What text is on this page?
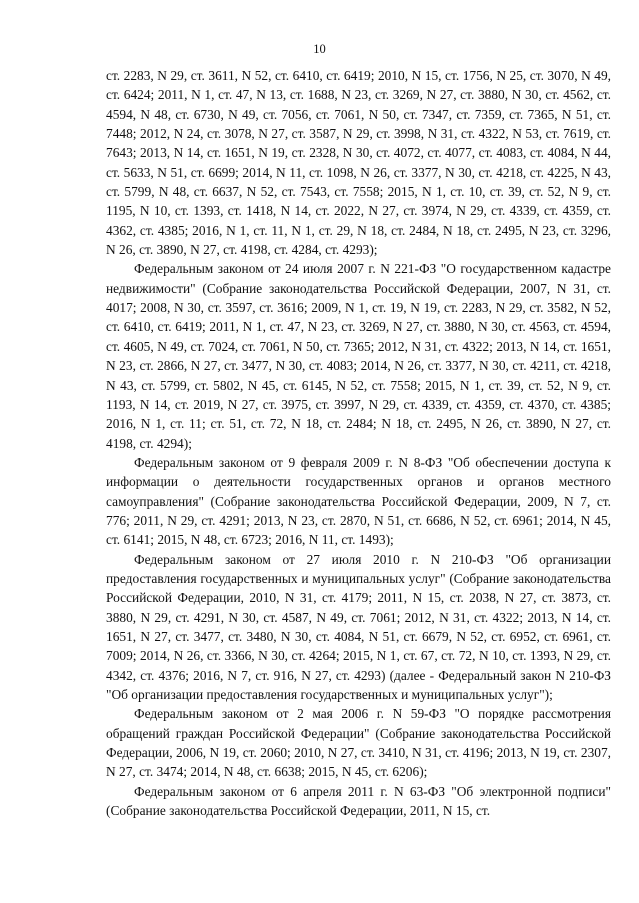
10

ст. 2283, N 29, ст. 3611, N 52, ст. 6410, ст. 6419; 2010, N 15, ст. 1756, N 25, ст. 3070, N 49, ст. 6424; 2011, N 1, ст. 47, N 13, ст. 1688, N 23, ст. 3269, N 27, ст. 3880, N 30, ст. 4562, ст. 4594, N 48, ст. 6730, N 49, ст. 7056, ст. 7061, N 50, ст. 7347, ст. 7359, ст. 7365, N 51, ст. 7448; 2012, N 24, ст. 3078, N 27, ст. 3587, N 29, ст. 3998, N 31, ст. 4322, N 53, ст. 7619, ст. 7643; 2013, N 14, ст. 1651, N 19, ст. 2328, N 30, ст. 4072, ст. 4077, ст. 4083, ст. 4084, N 44, ст. 5633, N 51, ст. 6699; 2014, N 11, ст. 1098, N 26, ст. 3377, N 30, ст. 4218, ст. 4225, N 43, ст. 5799, N 48, ст. 6637, N 52, ст. 7543, ст. 7558; 2015, N 1, ст. 10, ст. 39, ст. 52, N 9, ст. 1195, N 10, ст. 1393, ст. 1418, N 14, ст. 2022, N 27, ст. 3974, N 29, ст. 4339, ст. 4359, ст. 4362, ст. 4385; 2016, N 1, ст. 11, N 1, ст. 29, N 18, ст. 2484, N 18, ст. 2495, N 23, ст. 3296, N 26, ст. 3890, N 27, ст. 4198, ст. 4284, ст. 4293);

Федеральным законом от 24 июля 2007 г. N 221-ФЗ "О государственном кадастре недвижимости" (Собрание законодательства Российской Федерации, 2007, N 31, ст. 4017; 2008, N 30, ст. 3597, ст. 3616; 2009, N 1, ст. 19, N 19, ст. 2283, N 29, ст. 3582, N 52, ст. 6410, ст. 6419; 2011, N 1, ст. 47, N 23, ст. 3269, N 27, ст. 3880, N 30, ст. 4563, ст. 4594, ст. 4605, N 49, ст. 7024, ст. 7061, N 50, ст. 7365; 2012, N 31, ст. 4322; 2013, N 14, ст. 1651, N 23, ст. 2866, N 27, ст. 3477, N 30, ст. 4083; 2014, N 26, ст. 3377, N 30, ст. 4211, ст. 4218, N 43, ст. 5799, ст. 5802, N 45, ст. 6145, N 52, ст. 7558; 2015, N 1, ст. 39, ст. 52, N 9, ст. 1193, N 14, ст. 2019, N 27, ст. 3975, ст. 3997, N 29, ст. 4339, ст. 4359, ст. 4370, ст. 4385; 2016, N 1, ст. 11; ст. 51, ст. 72, N 18, ст. 2484; N 18, ст. 2495, N 26, ст. 3890, N 27, ст. 4198, ст. 4294);

Федеральным законом от 9 февраля 2009 г. N 8-ФЗ "Об обеспечении доступа к информации о деятельности государственных органов и органов местного самоуправления" (Собрание законодательства Российской Федерации, 2009, N 7, ст. 776; 2011, N 29, ст. 4291; 2013, N 23, ст. 2870, N 51, ст. 6686, N 52, ст. 6961; 2014, N 45, ст. 6141; 2015, N 48, ст. 6723; 2016, N 11, ст. 1493);

Федеральным законом от 27 июля 2010 г. N 210-ФЗ "Об организации предоставления государственных и муниципальных услуг" (Собрание законодательства Российской Федерации, 2010, N 31, ст. 4179; 2011, N 15, ст. 2038, N 27, ст. 3873, ст. 3880, N 29, ст. 4291, N 30, ст. 4587, N 49, ст. 7061; 2012, N 31, ст. 4322; 2013, N 14, ст. 1651, N 27, ст. 3477, ст. 3480, N 30, ст. 4084, N 51, ст. 6679, N 52, ст. 6952, ст. 6961, ст. 7009; 2014, N 26, ст. 3366, N 30, ст. 4264; 2015, N 1, ст. 67, ст. 72, N 10, ст. 1393, N 29, ст. 4342, ст. 4376; 2016, N 7, ст. 916, N 27, ст. 4293) (далее - Федеральный закон N 210-ФЗ "Об организации предоставления государственных и муниципальных услуг");

Федеральным законом от 2 мая 2006 г. N 59-ФЗ "О порядке рассмотрения обращений граждан Российской Федерации" (Собрание законодательства Российской Федерации, 2006, N 19, ст. 2060; 2010, N 27, ст. 3410, N 31, ст. 4196; 2013, N 19, ст. 2307, N 27, ст. 3474; 2014, N 48, ст. 6638; 2015, N 45, ст. 6206);

Федеральным законом от 6 апреля 2011 г. N 63-ФЗ "Об электронной подписи" (Собрание законодательства Российской Федерации, 2011, N 15, ст.
